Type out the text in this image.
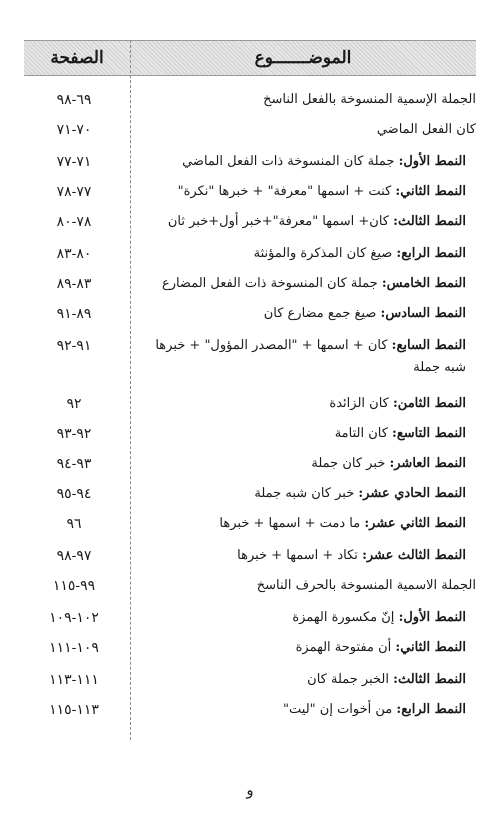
الموضـــــــوع
الصفحة
الجملة الإسمية المنسوخة بالفعل الناسخ
٦٩-٩٨
كان الفعل الماضي
٧٠-٧١
النمط الأول: جملة كان المنسوخة ذات الفعل الماضي
٧١-٧٧
النمط الثاني: كنت + اسمها "معرفة" + خبرها "نكرة"
٧٧-٧٨
النمط الثالث: كان+ اسمها "معرفة"+خبر أول+خبر ثان
٧٨-٨٠
النمط الرابع: صيغ كان المذكرة والمؤنثة
٨٠-٨٣
النمط الخامس: جملة كان المنسوخة ذات الفعل المضارع
٨٣-٨٩
النمط السادس: صيغ جمع مضارع كان
٨٩-٩١
النمط السابع: كان + اسمها + "المصدر المؤول" + خبرها
شبه جملة
٩١-٩٢
النمط الثامن: كان الزائدة
٩٢
النمط التاسع: كان التامة
٩٢-٩٣
النمط العاشر: خبر كان جملة
٩٣-٩٤
النمط الحادي عشر: خبر كان شبه جملة
٩٤-٩٥
النمط الثاني عشر: ما دمت + اسمها + خبرها
٩٦
النمط الثالث عشر: تكاد + اسمها + خبرها
٩٧-٩٨
الجملة الاسمية المنسوخة بالحرف الناسخ
٩٩-١١٥
النمط الأول: إنّ مكسورة الهمزة
١٠٢-١٠٩
النمط الثاني: أن مفتوحة الهمزة
١٠٩-١١١
النمط الثالث: الخبر جملة كان
١١١-١١٣
النمط الرابع: من أخوات إن "ليت"
١١٣-١١٥
و
